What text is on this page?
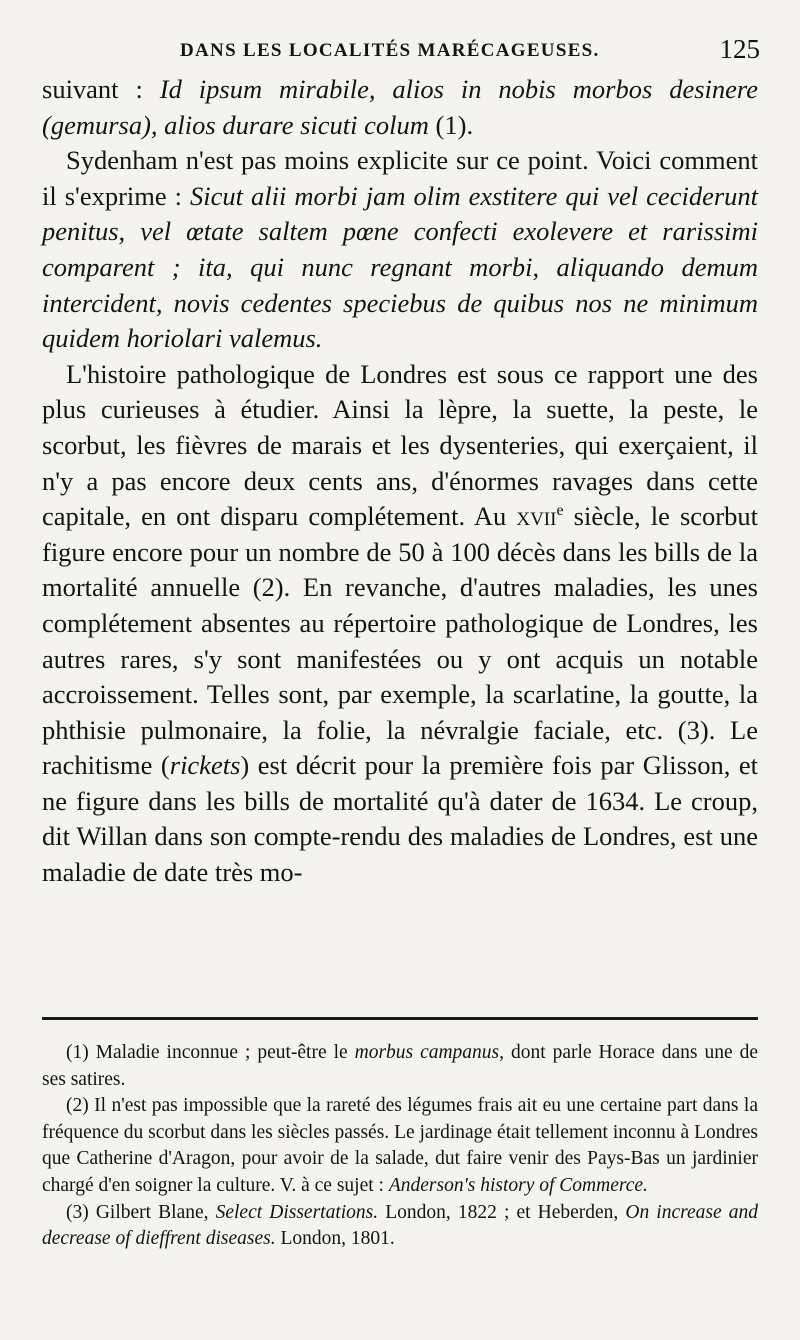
DANS LES LOCALITÉS MARÉCAGEUSES.	125

suivant : Id ipsum mirabile, alios in nobis morbos desinere (gemursa), alios durare sicuti colum (1).

Sydenham n'est pas moins explicite sur ce point. Voici comment il s'exprime : Sicut alii morbi jam olim exstitere qui vel ceciderunt penitus, vel œtate saltem pœne confecti exolevere et rarissimi comparent ; ita, qui nunc regnant morbi, aliquando demum intercident, novis cedentes speciebus de quibus nos ne minimum quidem horiolari valemus.

L'histoire pathologique de Londres est sous ce rapport une des plus curieuses à étudier. Ainsi la lèpre, la suette, la peste, le scorbut, les fièvres de marais et les dysenteries, qui exerçaient, il n'y a pas encore deux cents ans, d'énormes ravages dans cette capitale, en ont disparu complétement. Au xvii$^e$ siècle, le scorbut figure encore pour un nombre de 50 à 100 décès dans les bills de la mortalité annuelle (2). En revanche, d'autres maladies, les unes complétement absentes au répertoire pathologique de Londres, les autres rares, s'y sont manifestées ou y ont acquis un notable accroissement. Telles sont, par exemple, la scarlatine, la goutte, la phthisie pulmonaire, la folie, la névralgie faciale, etc. (3). Le rachitisme (rickets) est décrit pour la première fois par Glisson, et ne figure dans les bills de mortalité qu'à dater de 1634. Le croup, dit Willan dans son compte-rendu des maladies de Londres, est une maladie de date très mo-

(1) Maladie inconnue ; peut-être le morbus campanus, dont parle Horace dans une de ses satires.

(2) Il n'est pas impossible que la rareté des légumes frais ait eu une certaine part dans la fréquence du scorbut dans les siècles passés. Le jardinage était tellement inconnu à Londres que Catherine d'Aragon, pour avoir de la salade, dut faire venir des Pays-Bas un jardinier chargé d'en soigner la culture. V. à ce sujet : Anderson's history of Commerce.

(3) Gilbert Blane, Select Dissertations. London, 1822 ; et Heberden, On increase and decrease of dieffrent diseases. London, 1801.
